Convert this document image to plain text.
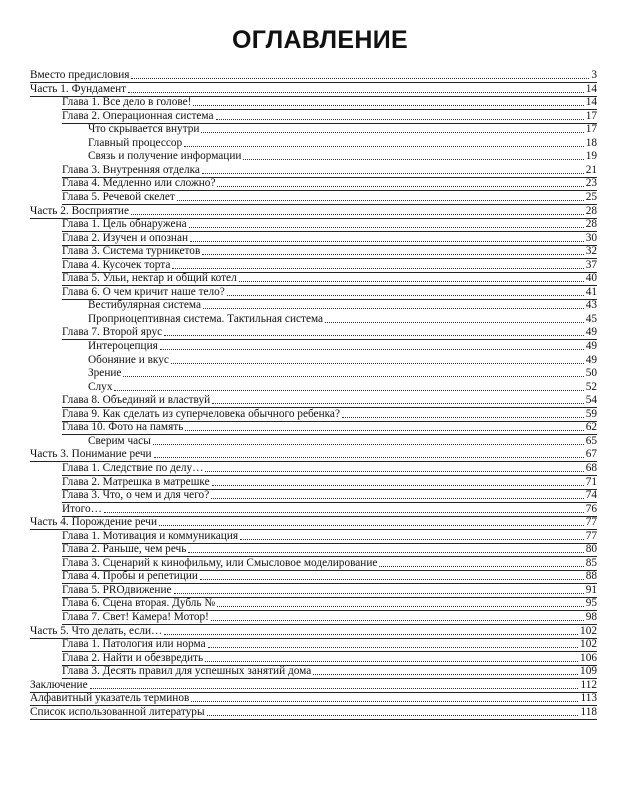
ОГЛАВЛЕНИЕ
Вместо предисловия	3
Часть 1. Фундамент	14
Глава 1. Все дело в голове!	14
Глава 2. Операционная система	17
Что скрывается внутри	17
Главный процессор	18
Связь и получение информации	19
Глава 3. Внутренняя отделка	21
Глава 4. Медленно или сложно?	23
Глава 5. Речевой скелет	25
Часть 2. Восприятие	28
Глава 1. Цель обнаружена	28
Глава 2. Изучен и опознан	30
Глава 3. Система турникетов	32
Глава 4. Кусочек торта	37
Глава 5. Ульи, нектар и общий котел	40
Глава 6. О чем кричит наше тело?	41
Вестибулярная система	43
Проприоцептивная система. Тактильная система	45
Глава 7. Второй ярус	49
Интероцепция	49
Обоняние и вкус	49
Зрение	50
Слух	52
Глава 8. Объединяй и властвуй	54
Глава 9. Как сделать из суперчеловека обычного ребенка?	59
Глава 10. Фото на память	62
Сверим часы	65
Часть 3. Понимание речи	67
Глава 1. Следствие по делу…	68
Глава 2. Матрешка в матрешке	71
Глава 3. Что, о чем и для чего?	74
Итого…	76
Часть 4. Порождение речи	77
Глава 1. Мотивация и коммуникация	77
Глава 2. Раньше, чем речь	80
Глава 3. Сценарий к кинофильму, или Смысловое моделирование	85
Глава 4. Пробы и репетиции	88
Глава 5. PROдвижение	91
Глава 6. Сцена вторая. Дубль №	95
Глава 7. Свет! Камера! Мотор!	98
Часть 5. Что делать, если…	102
Глава 1. Патология или норма	102
Глава 2. Найти и обезвредить	106
Глава 3. Десять правил для успешных занятий дома	109
Заключение	112
Алфавитный указатель терминов	113
Список использованной литературы	118
